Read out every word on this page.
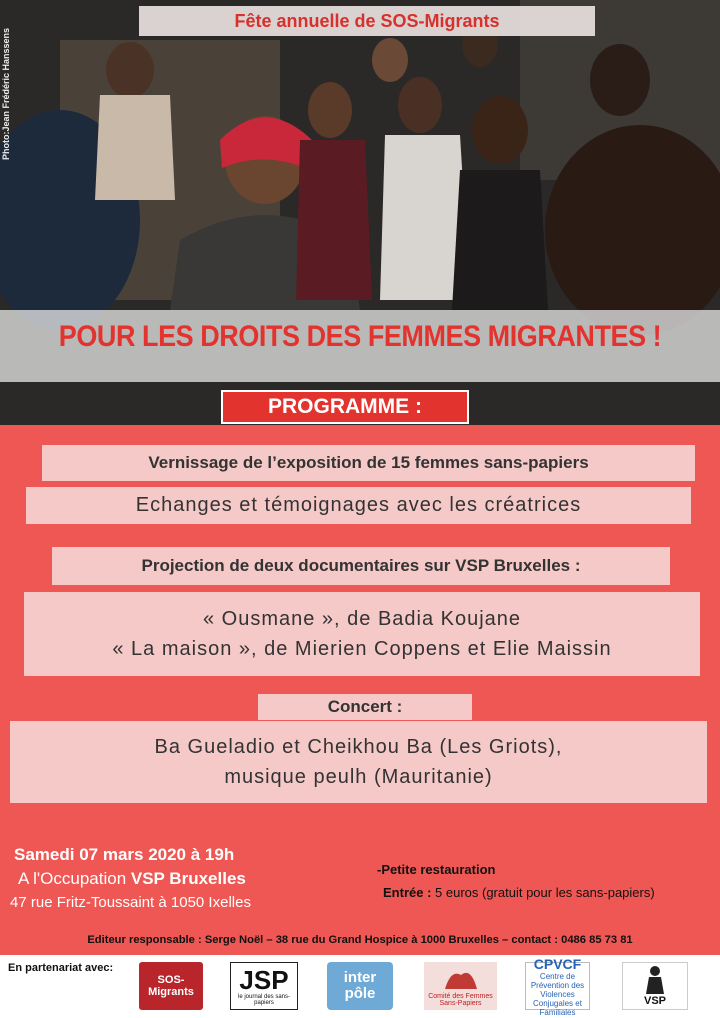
Photo:Jean Frédéric Hanssens
Fête annuelle de SOS-Migrants
POUR LES DROITS DES FEMMES MIGRANTES !
PROGRAMME :
Vernissage de l’exposition de 15 femmes sans-papiers
Echanges et témoignages avec les créatrices
Projection de deux documentaires sur VSP Bruxelles :
« Ousmane », de Badia Koujane
« La maison », de Mierien Coppens et Elie Maissin
Concert :
Ba Gueladio et Cheikhou Ba (Les Griots),
musique peulh (Mauritanie)
Samedi 07 mars 2020 à 19h
A l'Occupation VSP Bruxelles
47 rue Fritz-Toussaint à 1050 Ixelles
-Petite restauration
Entrée : 5 euros (gratuit pour les sans-papiers)
Editeur responsable : Serge Noël – 38 rue du Grand Hospice à 1000 Bruxelles – contact : 0486 85 73 81
En partenariat avec:
SOS-Migrants	JSP
le journal des sans-papiers
inter
pôle	Comité des Femmes Sans-Papiers
CPVCF
Centre de Prévention des Violences Conjugales et Familiales
VSP
